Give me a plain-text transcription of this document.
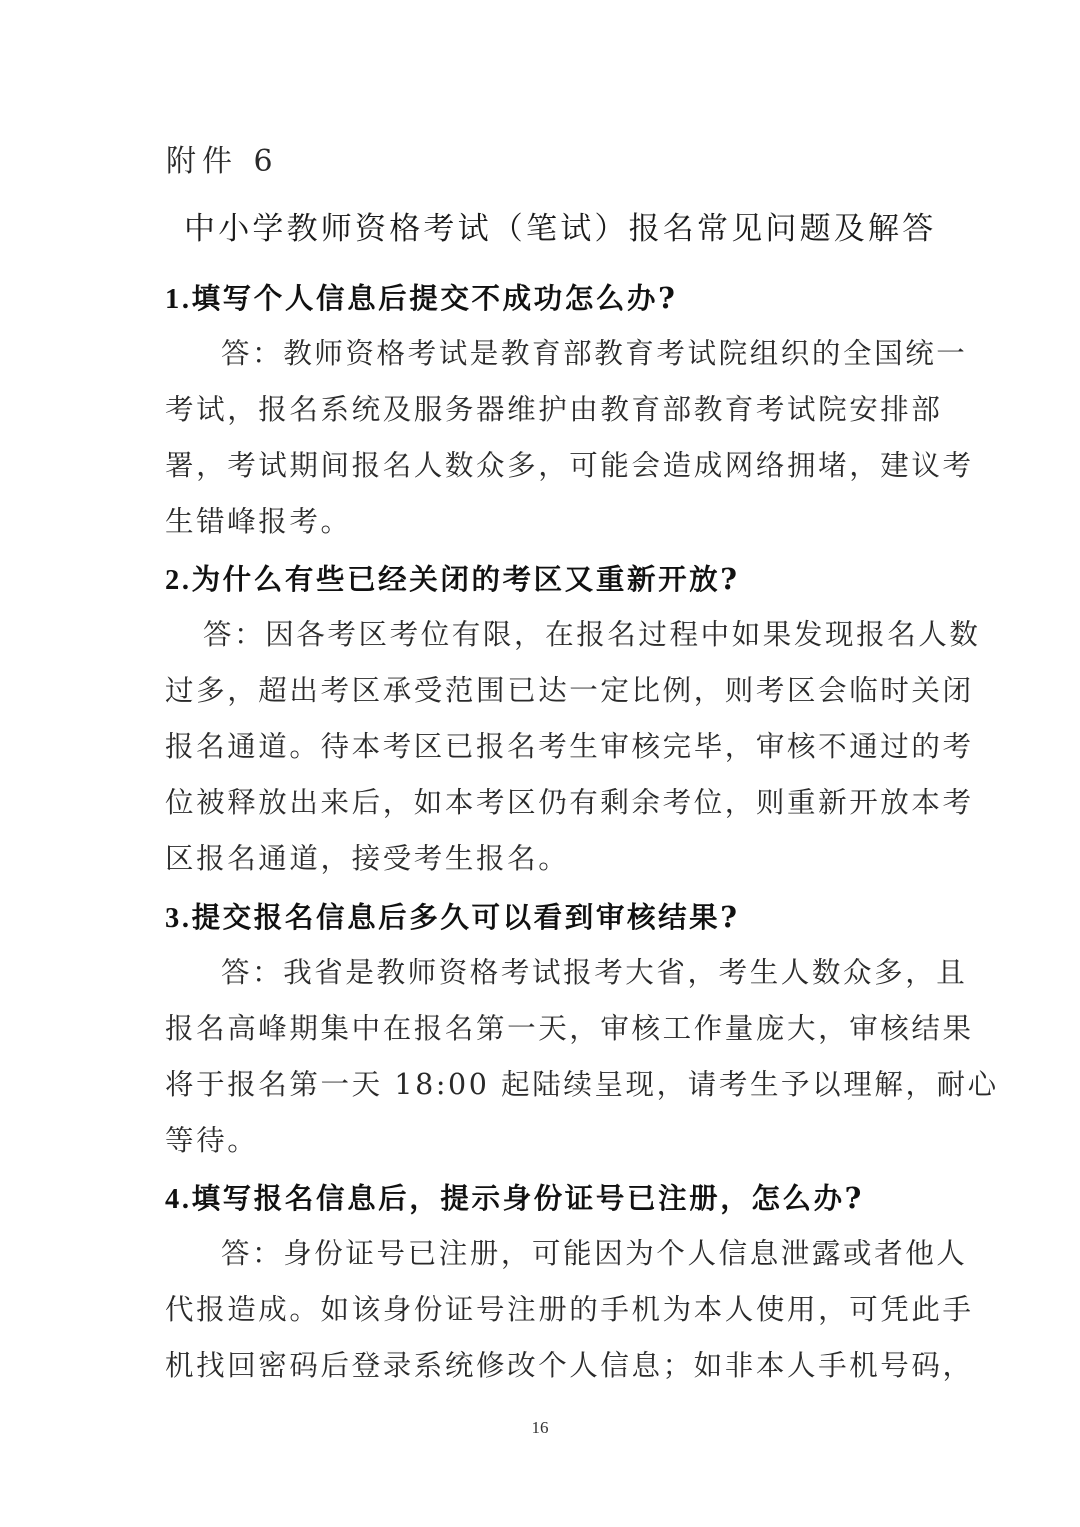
附件 6
中小学教师资格考试（笔试）报名常见问题及解答
1.填写个人信息后提交不成功怎么办?
答：教师资格考试是教育部教育考试院组织的全国统一
考试，报名系统及服务器维护由教育部教育考试院安排部
署，考试期间报名人数众多，可能会造成网络拥堵，建议考
生错峰报考。
2.为什么有些已经关闭的考区又重新开放?
答：因各考区考位有限，在报名过程中如果发现报名人数
过多，超出考区承受范围已达一定比例，则考区会临时关闭
报名通道。待本考区已报名考生审核完毕，审核不通过的考
位被释放出来后，如本考区仍有剩余考位，则重新开放本考
区报名通道，接受考生报名。
3.提交报名信息后多久可以看到审核结果?
答：我省是教师资格考试报考大省，考生人数众多，且
报名高峰期集中在报名第一天，审核工作量庞大，审核结果
将于报名第一天 18:00 起陆续呈现，请考生予以理解，耐心
等待。
4.填写报名信息后，提示身份证号已注册，怎么办?
答：身份证号已注册，可能因为个人信息泄露或者他人
代报造成。如该身份证号注册的手机为本人使用，可凭此手
机找回密码后登录系统修改个人信息；如非本人手机号码，
16
